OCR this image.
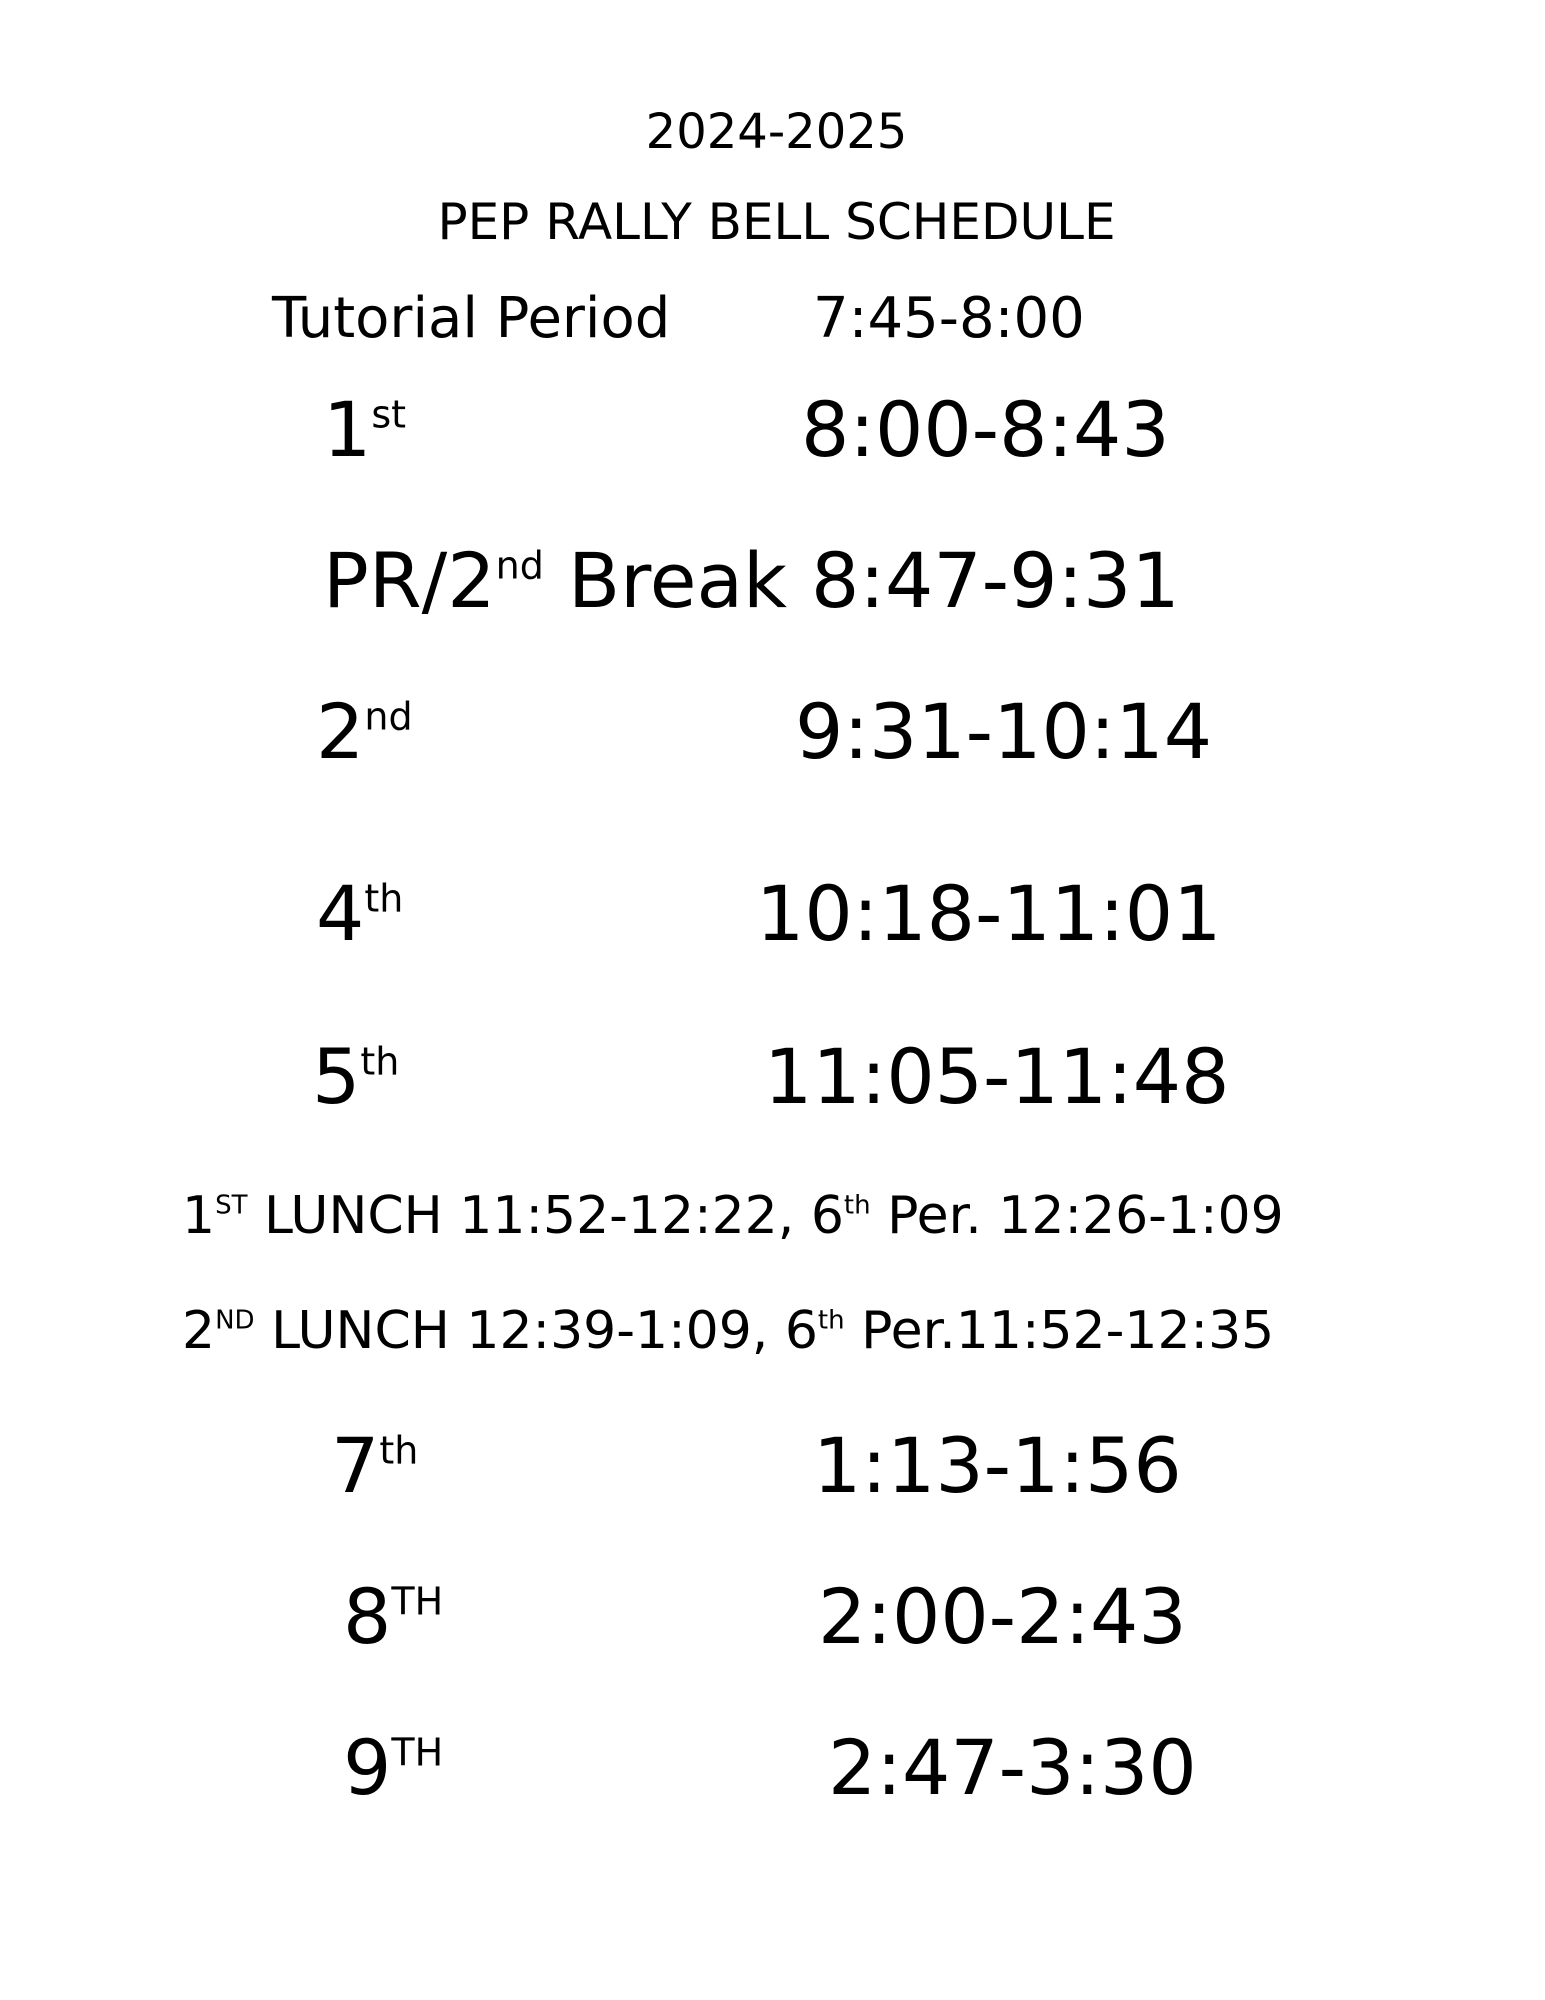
2024-2025
PEP RALLY BELL SCHEDULE
Tutorial Period	7:45-8:00
1st	8:00-8:43
PR/2nd Break 8:47-9:31
2nd	9:31-10:14
4th	10:18-11:01
5th	11:05-11:48
1ST LUNCH 11:52-12:22, 6th Per. 12:26-1:09
2ND LUNCH 12:39-1:09, 6th Per.11:52-12:35
7th	1:13-1:56
8TH	2:00-2:43
9TH	2:47-3:30
